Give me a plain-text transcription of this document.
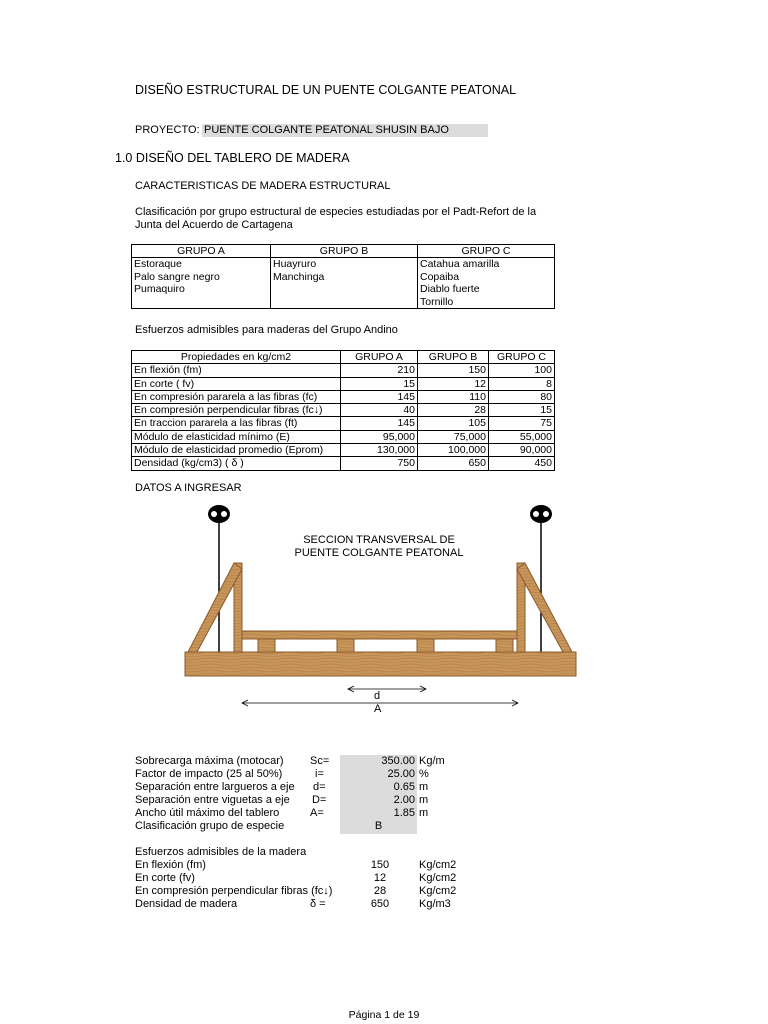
DISEÑO ESTRUCTURAL DE UN PUENTE COLGANTE PEATONAL
PROYECTO: PUENTE COLGANTE PEATONAL SHUSIN BAJO
1.0 DISEÑO DEL TABLERO DE MADERA
CARACTERISTICAS DE MADERA ESTRUCTURAL
Clasificación por grupo estructural de especies estudiadas por el Padt-Refort de la
Junta del Acuerdo de Cartagena
GRUPO A	GRUPO B	GRUPO C
Estoraque	Huayruro	Catahua amarilla
Palo sangre negro	Manchinga	Copaiba
Pumaquiro		Diablo fuerte
		Tornillo
Esfuerzos admisibles para maderas del Grupo Andino
Propiedades en kg/cm2	GRUPO A	GRUPO B	GRUPO C
En flexión (fm)	210	150	100
En corte ( fv)	15	12	8
En compresión pararela a las fibras (fc)	145	110	80
En compresión perpendicular fibras (fc↓)	40	28	15
En traccion pararela a las fibras (ft)	145	105	75
Módulo de elasticidad mínimo (E)	95,000	75,000	55,000
Módulo de elasticidad promedio (Eprom)	130,000	100,000	90,000
Densidad (kg/cm3) ( δ )	750	650	450
DATOS A INGRESAR
SECCION TRANSVERSAL DE
PUENTE COLGANTE PEATONAL
d
A
Sobrecarga máxima (motocar) Sc=	350.00 Kg/m
Factor de impacto (25 al 50%)	i=	25.00 %
Separación entre largueros a eje d=	0.65 m
Separación entre viguetas a eje D=	2.00 m
Ancho útil máximo del tablero	A=	1.85 m
Clasificación grupo de especie	B
Esfuerzos admisibles de la madera
En flexión (fm)	150	Kg/cm2
En corte (fv)	12	Kg/cm2
En compresión perpendicular fibras (fc↓)	28	Kg/cm2
Densidad de madera	δ =	650	Kg/m3
Página 1 de 19
